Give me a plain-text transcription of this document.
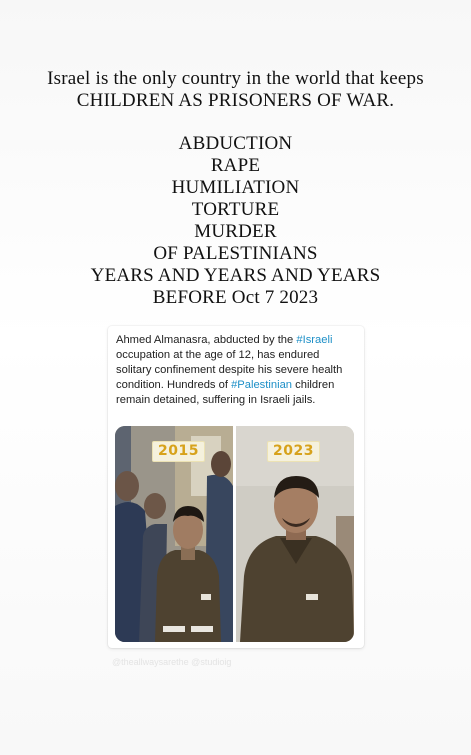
Israel is the only country in the world that keeps
CHILDREN AS PRISONERS OF WAR.
ABDUCTION
RAPE
HUMILIATION
TORTURE
MURDER
OF PALESTINIANS
YEARS AND YEARS AND YEARS
BEFORE Oct 7 2023
Ahmed Almanasra, abducted by the #Israeli occupation at the age of 12, has endured solitary confinement despite his severe health condition. Hundreds of #Palestinian children remain detained, suffering in Israeli jails.
2015	2023
@theallwaysarethe @studioig
